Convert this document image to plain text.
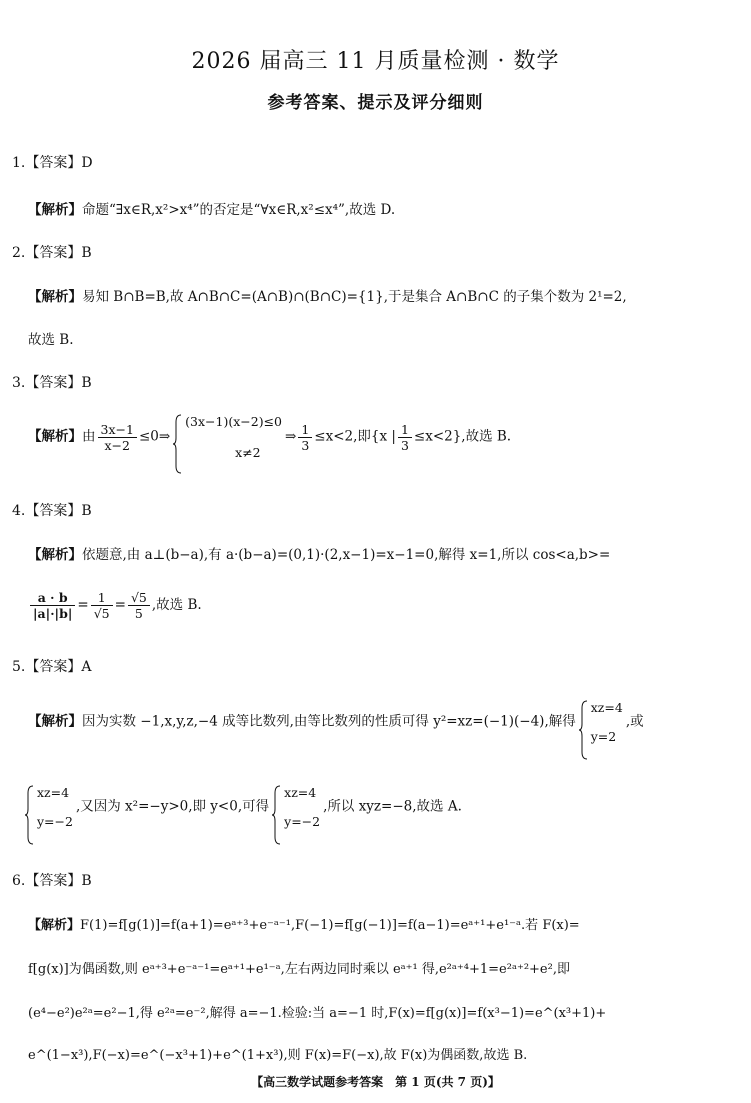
2026 届高三 11 月质量检测 · 数学
参考答案、提示及评分细则
1.【答案】D
【解析】命题“∃x∈R,x²>x⁴”的否定是“∀x∈R,x²≤x⁴”,故选 D.
2.【答案】B
【解析】易知 B∩B=B,故 A∩B∩C=(A∩B)∩(B∩C)={1},于是集合 A∩B∩C 的子集个数为 2¹=2,
故选 B.
3.【答案】B
【解析】由 $\frac{3x-1}{x-2}$ ≤0⇒
(3x−1)(x−2)≤0
x≠2
⇒ $\frac{1}{3} \le x<2$,即{x | $\frac{1}{3} \le x<2$},故选 B.
4.【答案】B
【解析】依题意,由 a⊥(b−a),有 a·(b−a)=(0,1)·(2,x−1)=x−1=0,解得 x=1,所以 cos<a,b>=
$\frac{a \cdot b}{|a|\cdot|b|} = \frac{1}{√5} = \frac{√5}{5}$ ,故选 B.
5.【答案】A
【解析】因为实数 −1,x,y,z,−4 成等比数列,由等比数列的性质可得 y²=xz=(−1)(−4),解得
xz=4
y=2
,或
xz=4
y=−2
,又因为 x²=−y>0,即 y<0,可得
xz=4
y=−2
,所以 xyz=−8,故选 A.
6.【答案】B
【解析】F(1)=f[g(1)]=f(a+1)=eᵃ⁺³+e⁻ᵃ⁻¹,F(−1)=f[g(−1)]=f(a−1)=eᵃ⁺¹+e¹⁻ᵃ.若 F(x)=
f[g(x)]为偶函数,则 eᵃ⁺³+e⁻ᵃ⁻¹=eᵃ⁺¹+e¹⁻ᵃ,左右两边同时乘以 eᵃ⁺¹ 得,e²ᵃ⁺⁴+1=e²ᵃ⁺²+e²,即
(e⁴−e²)e²ᵃ=e²−1,得 e²ᵃ=e⁻²,解得 a=−1.检验:当 a=−1 时,F(x)=f[g(x)]=f(x³−1)=e^(x³+1)+
e^(1−x³),F(−x)=e^(−x³+1)+e^(1+x³),则 F(x)=F(−x),故 F(x)为偶函数,故选 B.
【高三数学试题参考答案　第 1 页(共 7 页)】
